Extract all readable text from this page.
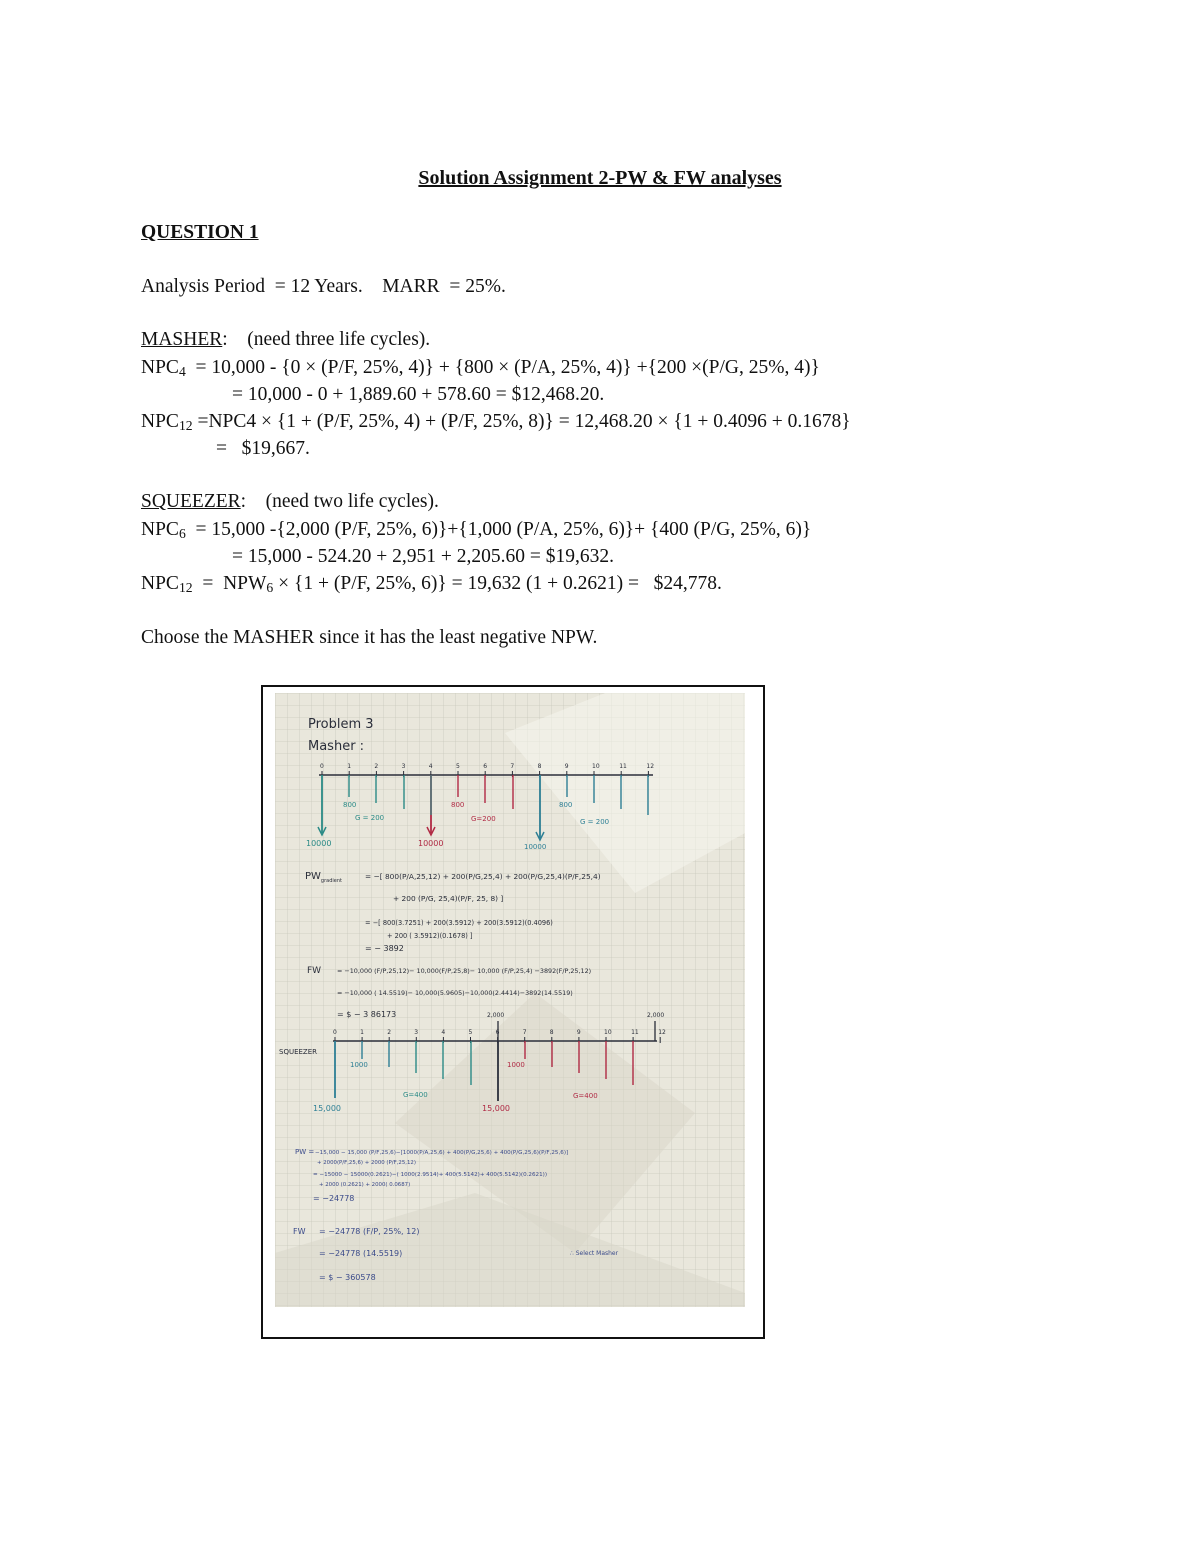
Solution Assignment 2-PW & FW analyses
QUESTION 1
Analysis Period  = 12 Years.    MARR  = 25%.
MASHER:    (need three life cycles).
$NPC_4 = 10,000 - \{0 \times (P/F$, 25%, 4)} + {800 × (P/A, 25%, 4)} +{200 ×(P/G, 25%, 4)}
= 10,000 - 0 + 1,889.60 + 578.60 = $12,468.20.
$NPC_{12} =NPC4 \times \{1 + (P/F$, 25%, 4) + (P/F, 25%, 8)} = 12,468.20 × {1 + 0.4096 + 0.1678}
=   $19,667.
SQUEEZER:    (need two life cycles).
$NPC_6 = 15,000$ -{2,000 (P/F, 25%, 6)}+{1,000 (P/A, 25%, 6)}+ {400 (P/G, 25%, 6)}
= 15,000 - 524.20 + 2,951 + 2,205.60 = $19,632.
$NPC_{12} = NPW_6 \times \{1 + (P/F$, 25%, 6)} = 19,632 (1 + 0.2621) =   $24,778.
Choose the MASHER since it has the least negative NPW.
Problem 3
Masher :
0	1	2	3	4	5	6	7	8	9	10	11	12
800	800	800
G = 200	G=200	G = 200
10000	10000	10000
$PW_{gradient}$	= −[ 800(P/A,25,12) + 200(P/G,25,4) + 200(P/G,25,4)(P/F,25,4)
+ 200 (P/G, 25,4)(P/F, 25, 8) ]
= −[ 800(3.7251) + 200(3.5912) + 200(3.5912)(0.4096)
+ 200 ( 3.5912)(0.1678) ]
= − 3892
FW = −10,000 (F/P,25,12)− 10,000(F/P,25,8)− 10,000 (F/P,25,4) −3892(F/P,25,12)
= −10,000 ( 14.5519)− 10,000(5.9605)−10,000(2.4414)−3892(14.5519)
= $ − 3 86173	2,000	2,000
SQUEEZER
0	1	2	3	4	5	6	7	8	9	10	11	12
1000	1000
G=400	G=400
15,000	15,000
PW = −15,000 − 15,000 (P/F,25,6)−[1000(P/A,25,6) + 400(P/G,25,6) + 400(P/G,25,6)(P/F,25,6)]
+ 2000(P/F,25,6) + 2000 (P/F,25,12)
= −15000 − 15000(0.2621)−( 1000(2.9514)+ 400(5.5142)+ 400(5.5142)(0.2621))
+ 2000 (0.2621) + 2000( 0.0687)
= −24778
FW = −24778 (F/P, 25%, 12)
= −24778 (14.5519)
= $ − 360578
∴ Select Masher
